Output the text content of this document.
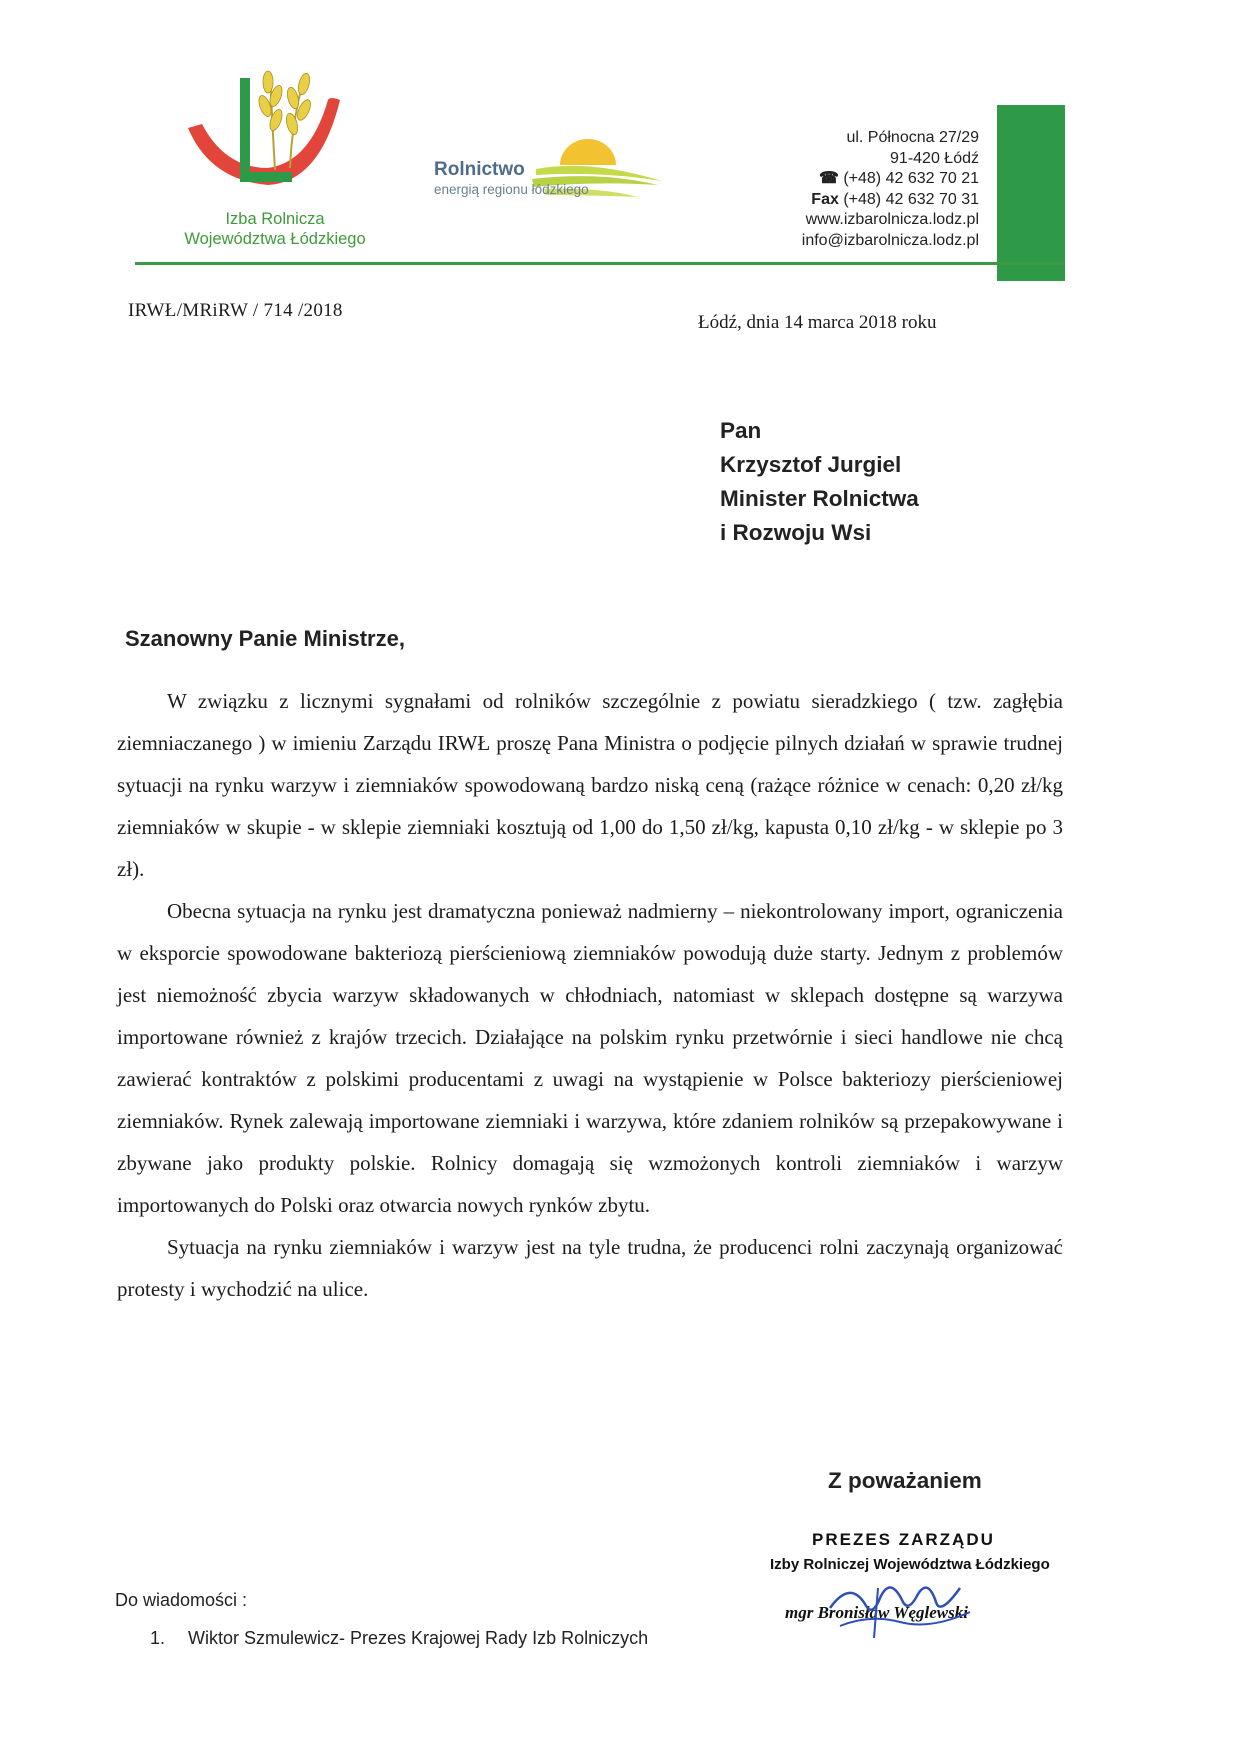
Izba Rolnicza
Województwa Łódzkiego
Rolnictwo
energią regionu łódzkiego
ul. Północna 27/29
91-420 Łódź
☎ (+48) 42 632 70 21
Fax (+48) 42 632 70 31
www.izbarolnicza.lodz.pl
info@izbarolnicza.lodz.pl
IRWŁ/MRiRW / 714 /2018
Łódź, dnia 14 marca 2018 roku
Pan
Krzysztof Jurgiel
Minister Rolnictwa
i Rozwoju Wsi
Szanowny Panie Ministrze,

W związku z licznymi sygnałami od rolników szczególnie z powiatu sieradzkiego ( tzw. zagłębia ziemniaczanego ) w imieniu Zarządu IRWŁ proszę Pana Ministra o podjęcie pilnych działań w sprawie trudnej sytuacji na rynku warzyw i ziemniaków spowodowaną bardzo niską ceną (rażące różnice w cenach: 0,20 zł/kg ziemniaków w skupie - w sklepie ziemniaki kosztują od 1,00 do 1,50 zł/kg, kapusta 0,10 zł/kg - w sklepie po 3 zł).

Obecna sytuacja na rynku jest dramatyczna ponieważ nadmierny – niekontrolowany import, ograniczenia w eksporcie spowodowane bakteriozą pierścieniową ziemniaków powodują duże starty. Jednym z problemów jest niemożność zbycia warzyw składowanych w chłodniach, natomiast w sklepach dostępne są warzywa importowane również z krajów trzecich. Działające na polskim rynku przetwórnie i sieci handlowe nie chcą zawierać kontraktów z polskimi producentami z uwagi na wystąpienie w Polsce bakteriozy pierścieniowej ziemniaków. Rynek zalewają importowane ziemniaki i warzywa, które zdaniem rolników są przepakowywane i zbywane jako produkty polskie. Rolnicy domagają się wzmożonych kontroli ziemniaków i warzyw importowanych do Polski oraz otwarcia nowych rynków zbytu.

Sytuacja na rynku ziemniaków i warzyw jest na tyle trudna, że producenci rolni zaczynają organizować protesty i wychodzić na ulice.

Z poważaniem
PREZES ZARZĄDU
Izby Rolniczej Województwa Łódzkiego
mgr Bronisław Węglewski
Do wiadomości :
1. Wiktor Szmulewicz- Prezes Krajowej Rady Izb Rolniczych
